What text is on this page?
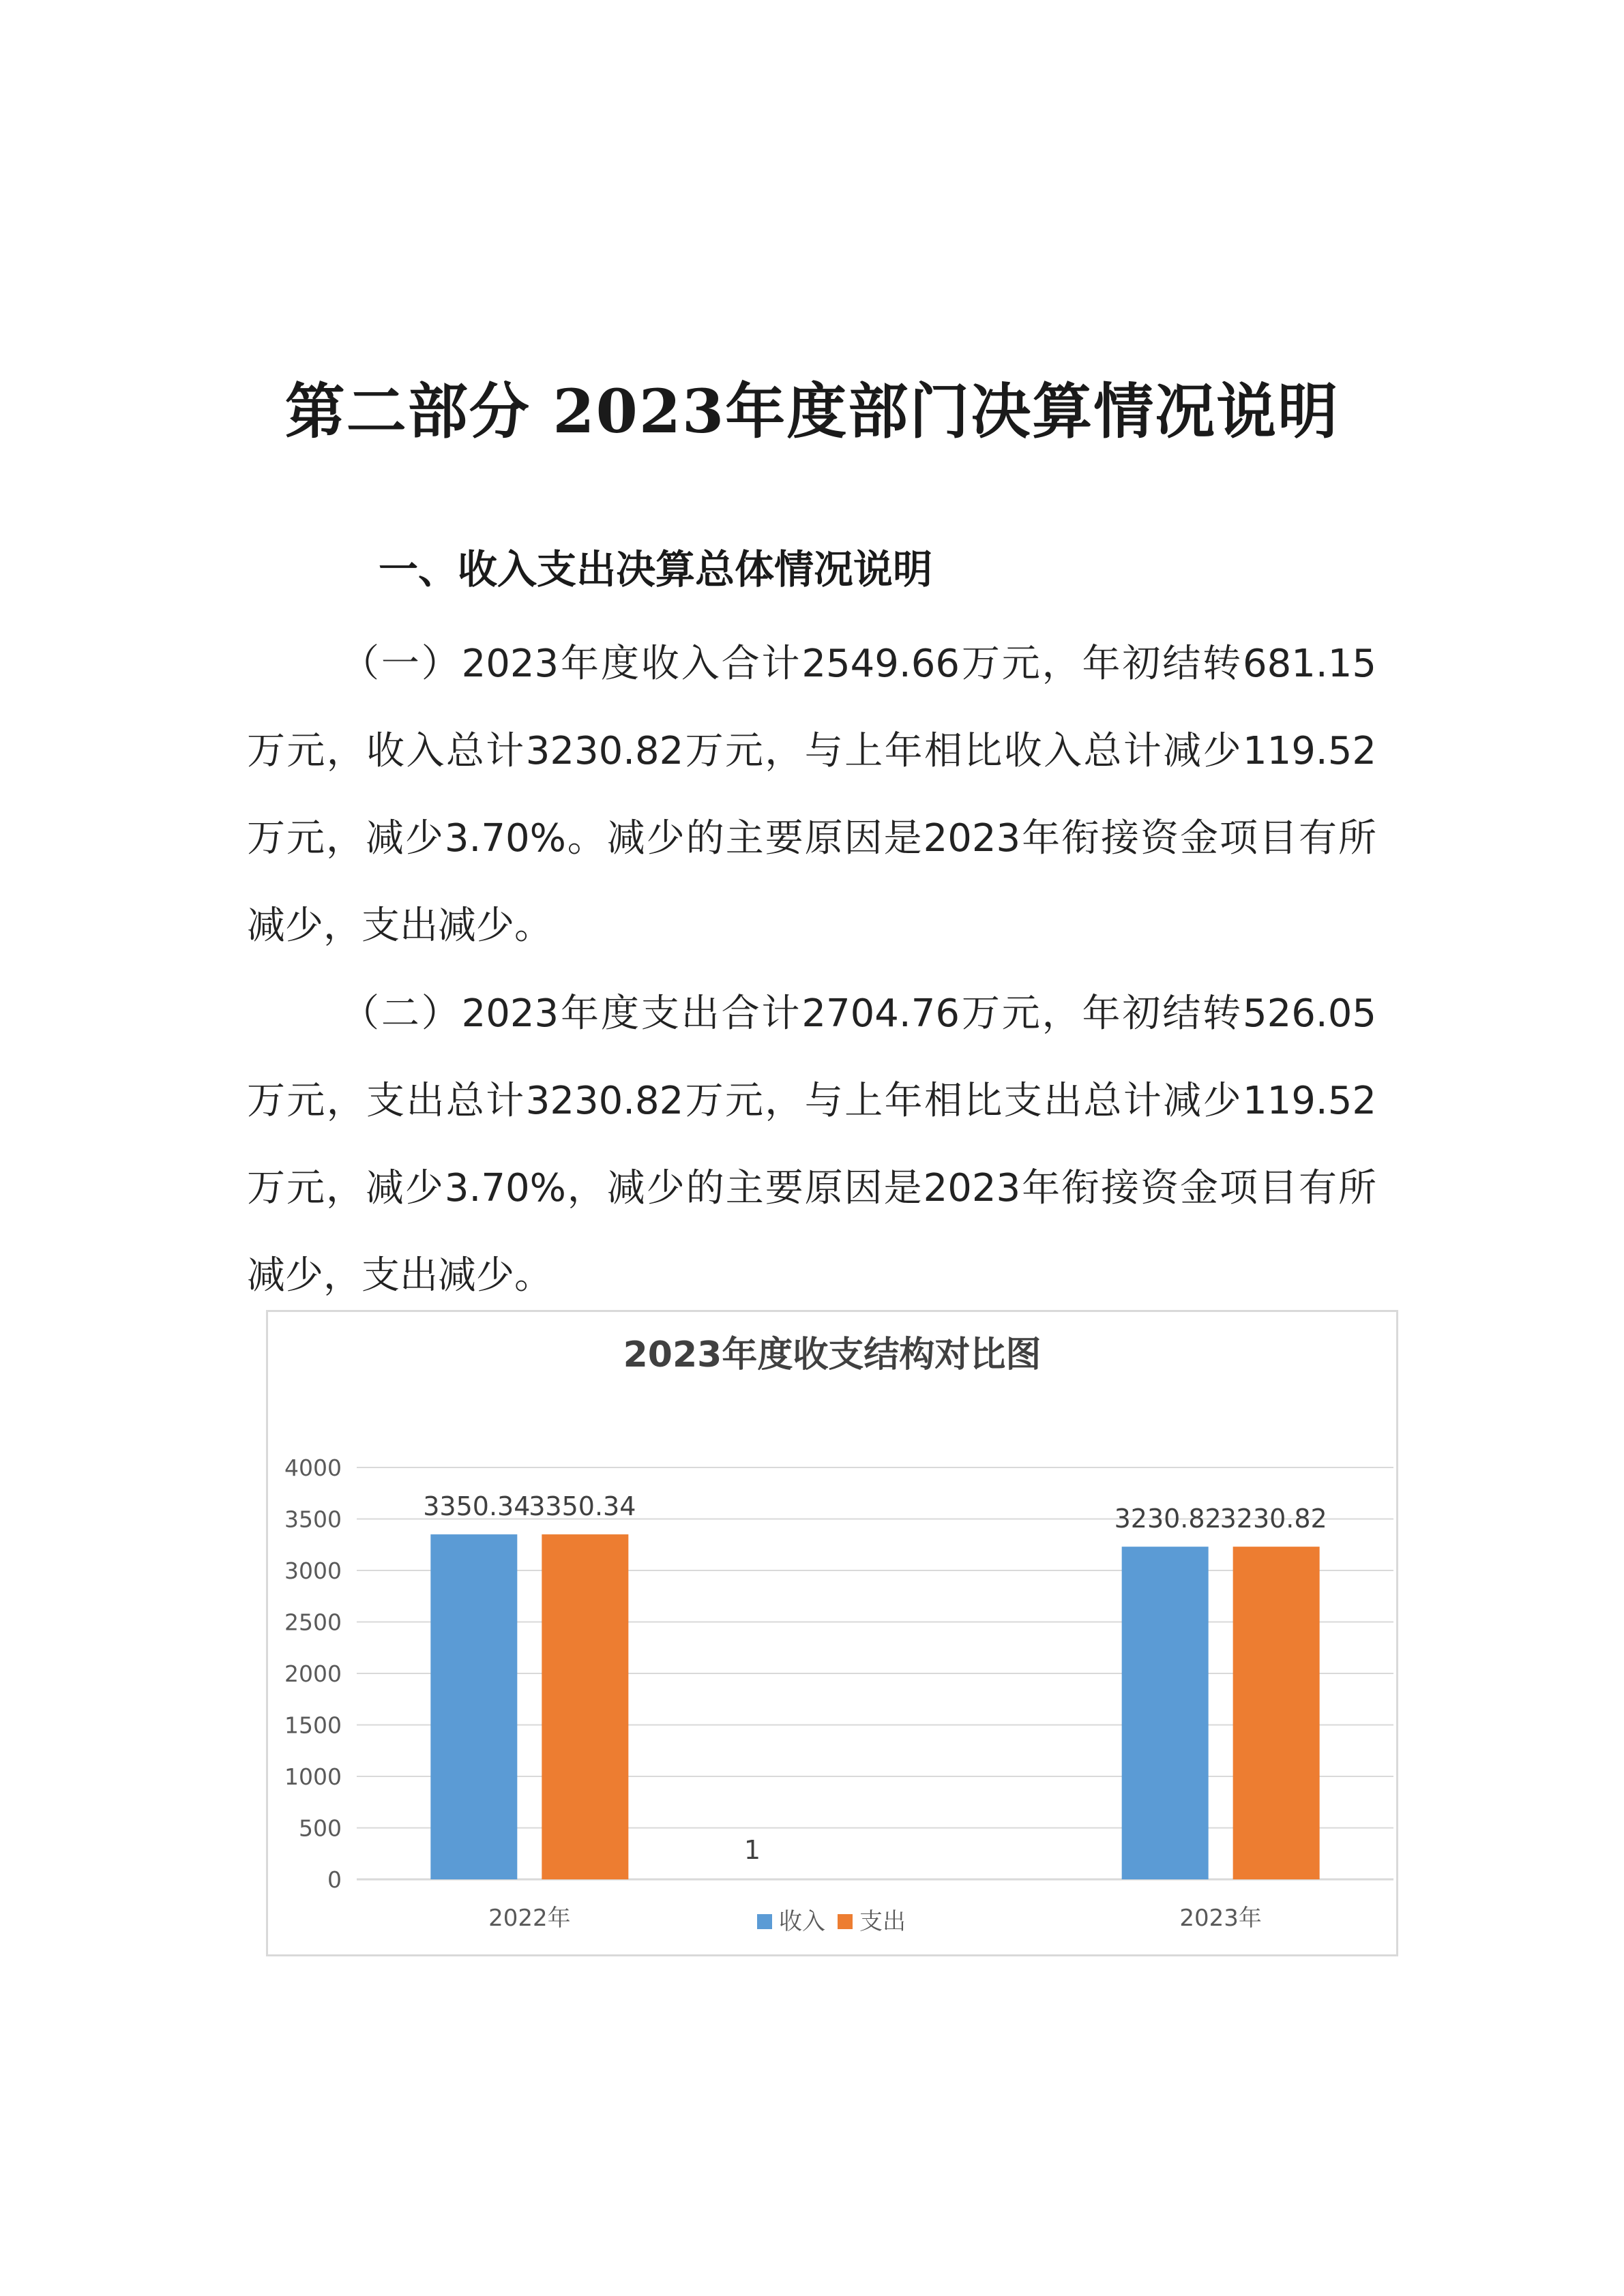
第二部分 2023年度部门决算情况说明
一、收入支出决算总体情况说明

（一）2023年度收入合计2549.66万元，年初结转681.15万元，收入总计3230.82万元，与上年相比收入总计减少119.52万元，减少3.70%。减少的主要原因是2023年衔接资金项目有所减少，支出减少。

（二）2023年度支出合计2704.76万元，年初结转526.05万元，支出总计3230.82万元，与上年相比支出总计减少119.52万元，减少3.70%，减少的主要原因是2023年衔接资金项目有所减少，支出减少。

2023年度收支结构对比图
0
500
1000
1500
2000
2500
3000
3500
4000
3350.34
3350.34
2022年
3230.82
3230.82
2023年
1
收入 支出
